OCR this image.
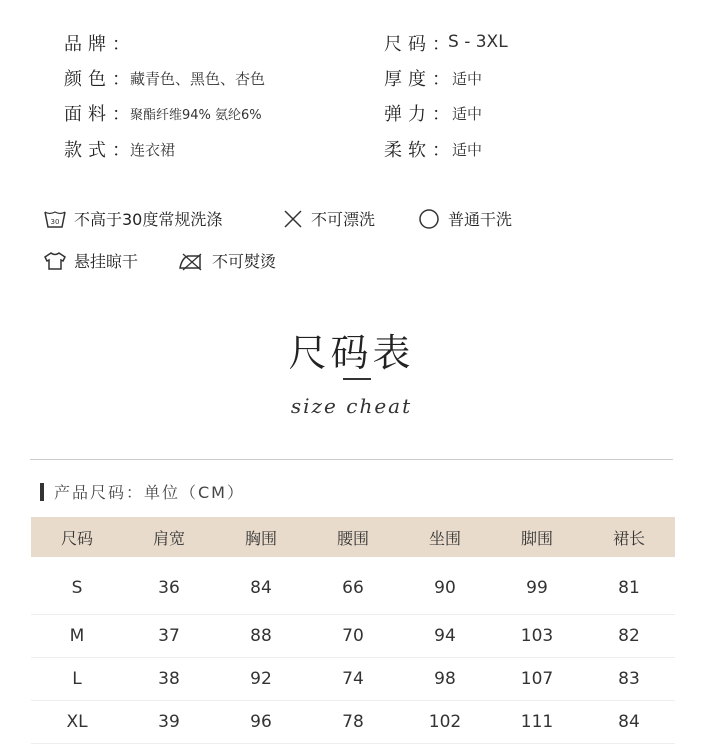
品牌：
颜色：
藏青色、黑色、杏色
面料：
聚酯纤维94% 氨纶6%
款式：
连衣裙
尺码：
S - 3XL
厚度：
适中
弹力：
适中
柔软：
适中
30 不高于30度常规洗涤	不可漂洗	普通干洗
悬挂晾干	不可熨烫
尺码表
size cheat
产品尺码：单位（CM）
尺码	肩宽	胸围	腰围	坐围	脚围	裙长
S	36	84	66	90	99	81
M	37	88	70	94	103	82
L	38	92	74	98	107	83
XL	39	96	78	102	111	84
